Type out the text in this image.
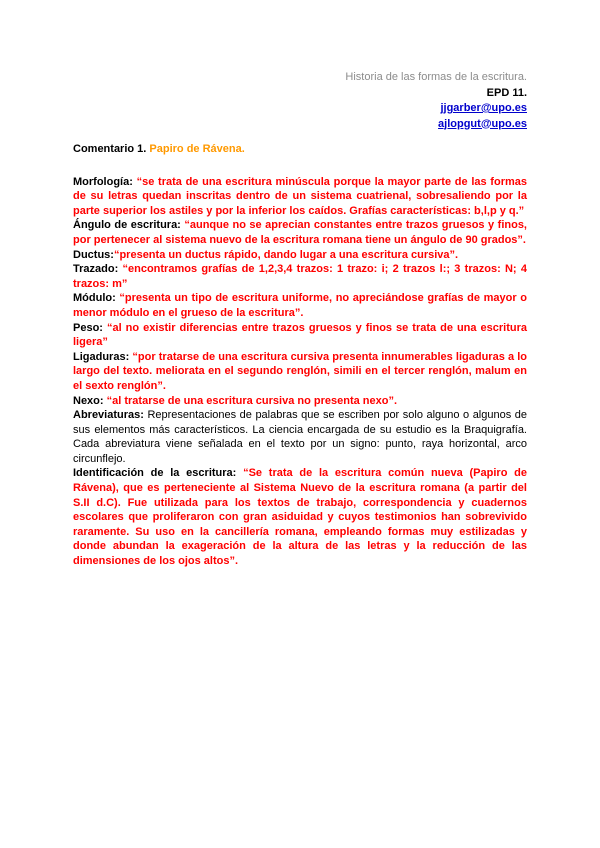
Historia de las formas de la escritura.
EPD 11.
jjgarber@upo.es
ajlopgut@upo.es
Comentario 1. Papiro de Rávena.

Morfología: “se trata de una escritura minúscula porque la mayor parte de las formas de su letras quedan inscritas dentro de un sistema cuatrienal, sobresaliendo por la parte superior los astiles y por la inferior los caídos. Grafías características: b,l,p y q.”

Ángulo de escritura: “aunque no se aprecian constantes entre trazos gruesos y finos, por pertenecer al sistema nuevo de la escritura romana tiene un ángulo de 90 grados”.

Ductus:“presenta un ductus rápido, dando lugar a una escritura cursiva”.

Trazado: “encontramos grafías de 1,2,3,4 trazos: 1 trazo: i; 2 trazos l:; 3 trazos: N; 4 trazos: m”

Módulo: “presenta un tipo de escritura uniforme, no apreciándose grafías de mayor o menor módulo en el grueso de la escritura”.

Peso: “al no existir diferencias entre trazos gruesos y finos se trata de una escritura ligera”

Ligaduras: “por tratarse de una escritura cursiva presenta innumerables ligaduras a lo largo del texto. meliorata en el segundo renglón, simili en el tercer renglón, malum en el sexto renglón”.

Nexo: “al tratarse de una escritura cursiva no presenta nexo”.

Abreviaturas: Representaciones de palabras que se escriben por solo alguno o algunos de sus elementos más característicos. La ciencia encargada de su estudio es la Braquigrafía. Cada abreviatura viene señalada en el texto por un signo: punto, raya horizontal, arco circunflejo.

Identificación de la escritura: “Se trata de la escritura común nueva (Papiro de Rávena), que es perteneciente al Sistema Nuevo de la escritura romana (a partir del S.II d.C). Fue utilizada para los textos de trabajo, correspondencia y cuadernos escolares que proliferaron con gran asiduidad y cuyos testimonios han sobrevivido raramente. Su uso en la cancillería romana, empleando formas muy estilizadas y donde abundan la exageración de la altura de las letras y la reducción de las dimensiones de los ojos altos”.
